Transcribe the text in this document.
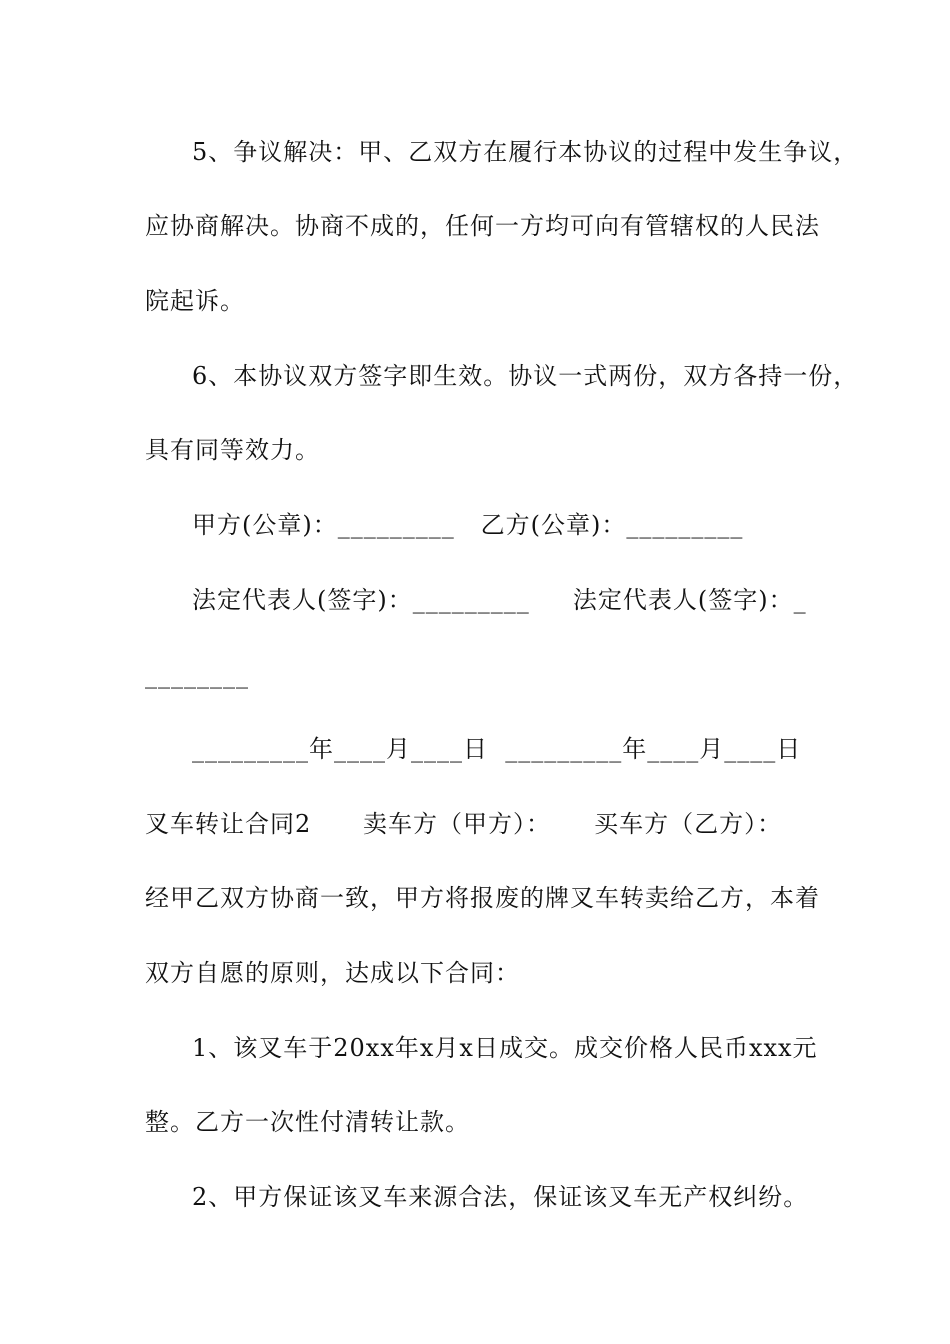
5、争议解决：甲、乙双方在履行本协议的过程中发生争议，
应协商解决。协商不成的，任何一方均可向有管辖权的人民法
院起诉。
6、本协议双方签字即生效。协议一式两份，双方各持一份，
具有同等效力。
甲方(公章)：_________   乙方(公章)：_________
法定代表人(签字)：_________     法定代表人(签字)：_
________
_________年____月____日  _________年____月____日
叉车转让合同2      卖车方（甲方）：     买车方（乙方）：
经甲乙双方协商一致，甲方将报废的牌叉车转卖给乙方，本着
双方自愿的原则，达成以下合同：
1、该叉车于20xx年x月x日成交。成交价格人民币xxx元
整。乙方一次性付清转让款。
2、甲方保证该叉车来源合法，保证该叉车无产权纠纷。
